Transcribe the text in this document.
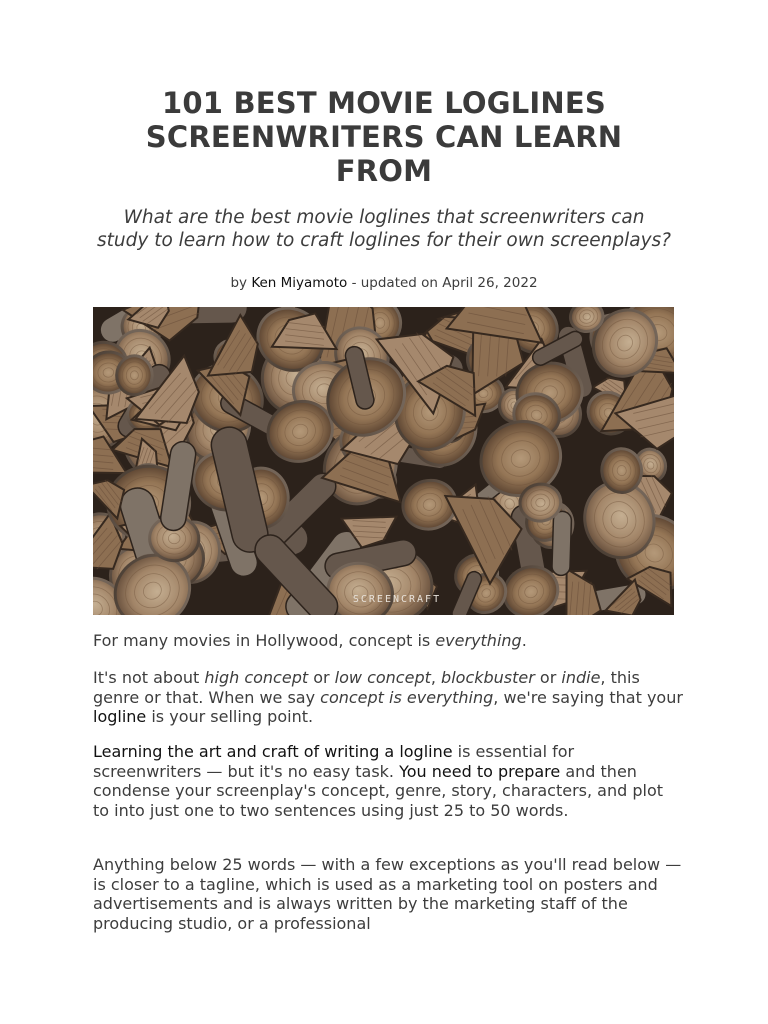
101 BEST MOVIE LOGLINES SCREENWRITERS CAN LEARN FROM

What are the best movie loglines that screenwriters can study to learn how to craft loglines for their own screenplays?

by Ken Miyamoto - updated on April 26, 2022
SCREENCRAFT

For many movies in Hollywood, concept is everything.

It's not about high concept or low concept, blockbuster or indie, this genre or that. When we say concept is everything, we're saying that your logline is your selling point.

Learning the art and craft of writing a logline is essential for screenwriters — but it's no easy task. You need to prepare and then condense your screenplay's concept, genre, story, characters, and plot to into just one to two sentences using just 25 to 50 words.

Anything below 25 words — with a few exceptions as you'll read below — is closer to a tagline, which is used as a marketing tool on posters and advertisements and is always written by the marketing staff of the producing studio, or a professional
